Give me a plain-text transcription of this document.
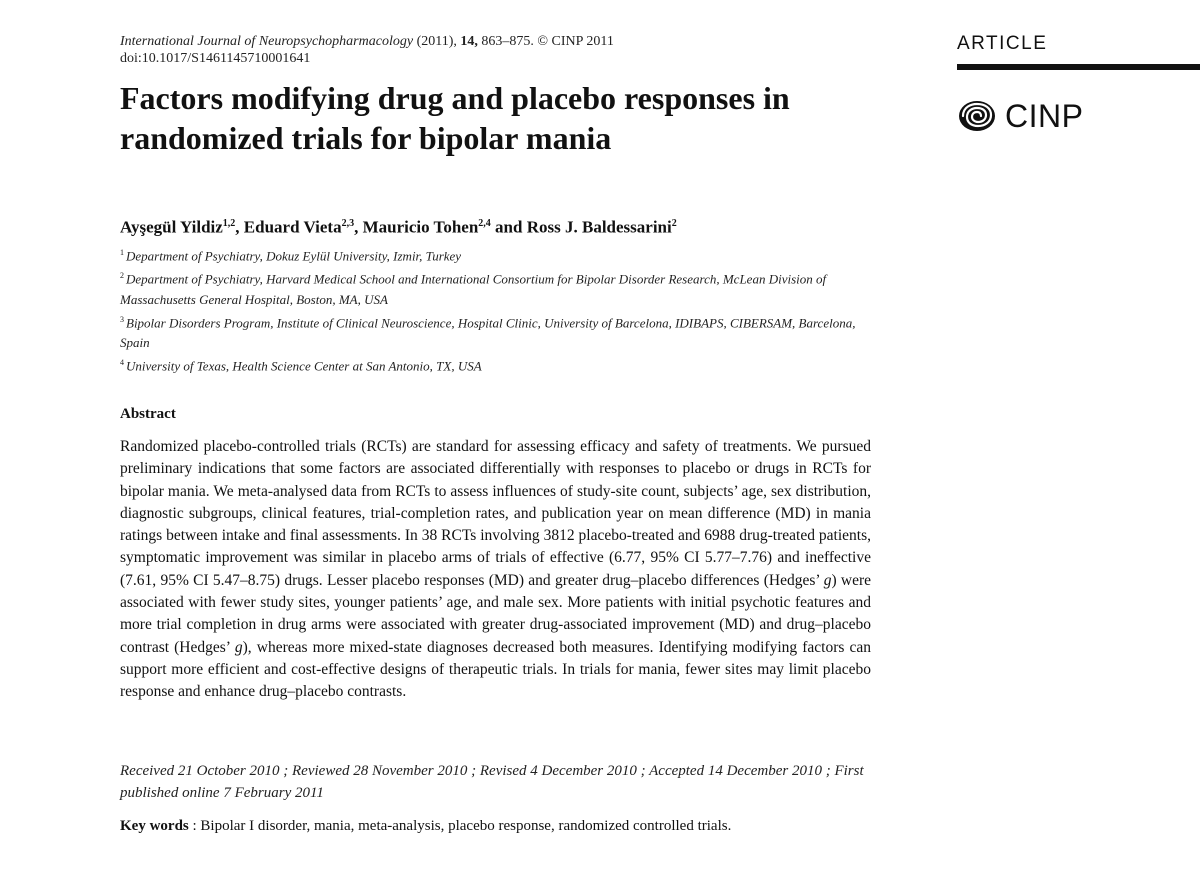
International Journal of Neuropsychopharmacology (2011), 14, 863–875. © CINP 2011
doi:10.1017/S1461145710001641
ARTICLE
CINP
Factors modifying drug and placebo responses in randomized trials for bipolar mania
Ayşegül Yildiz$^{1,2}$, Eduard Vieta$^{2,3}$, Mauricio Tohen$^{2,4}$ and Ross J. Baldessarini$^2$

$^1$ Department of Psychiatry, Dokuz Eylül University, Izmir, Turkey

$^2$ Department of Psychiatry, Harvard Medical School and International Consortium for Bipolar Disorder Research, McLean Division of Massachusetts General Hospital, Boston, MA, USA

$^3$ Bipolar Disorders Program, Institute of Clinical Neuroscience, Hospital Clinic, University of Barcelona, IDIBAPS, CIBERSAM, Barcelona, Spain

$^4$ University of Texas, Health Science Center at San Antonio, TX, USA

Abstract

Randomized placebo-controlled trials (RCTs) are standard for assessing efficacy and safety of treatments. We pursued preliminary indications that some factors are associated differentially with responses to placebo or drugs in RCTs for bipolar mania. We meta-analysed data from RCTs to assess influences of study-site count, subjects’ age, sex distribution, diagnostic subgroups, clinical features, trial-completion rates, and publication year on mean difference (MD) in mania ratings between intake and final assessments. In 38 RCTs involving 3812 placebo-treated and 6988 drug-treated patients, symptomatic improvement was similar in placebo arms of trials of effective (6.77, 95% CI 5.77–7.76) and ineffective (7.61, 95% CI 5.47–8.75) drugs. Lesser placebo responses (MD) and greater drug–placebo differences (Hedges’ g) were associated with fewer study sites, younger patients’ age, and male sex. More patients with initial psychotic features and more trial completion in drug arms were associated with greater drug-associated improvement (MD) and drug–placebo contrast (Hedges’ g), whereas more mixed-state diagnoses decreased both measures. Identifying modifying factors can support more efficient and cost-effective designs of therapeutic trials. In trials for mania, fewer sites may limit placebo response and enhance drug–placebo contrasts.

Received 21 October 2010 ; Reviewed 28 November 2010 ; Revised 4 December 2010 ; Accepted 14 December 2010 ; First published online 7 February 2011

Key words : Bipolar I disorder, mania, meta-analysis, placebo response, randomized controlled trials.
